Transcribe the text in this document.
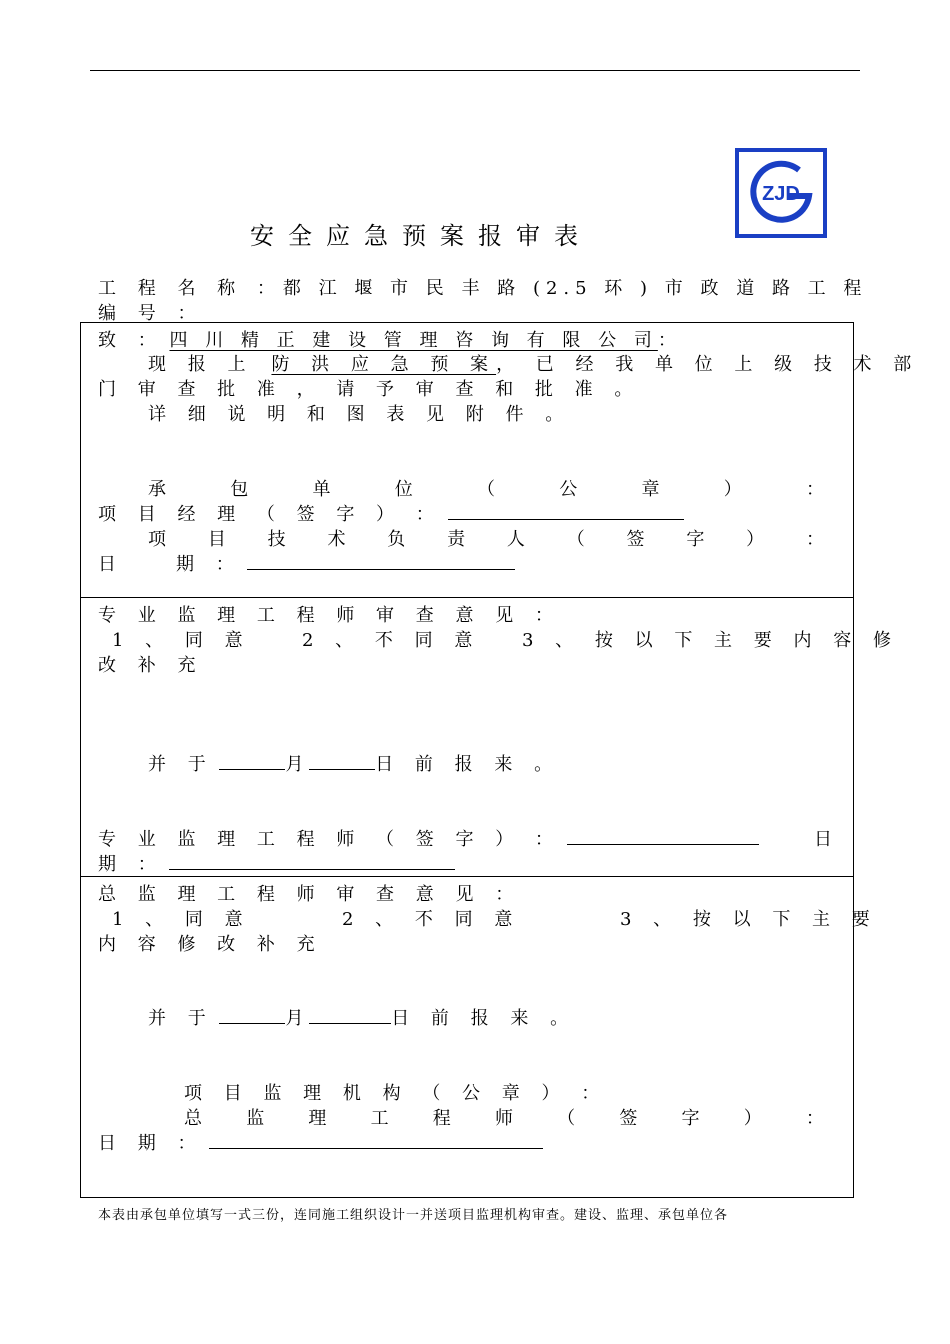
ZJD
安全应急预案报审表
工 程 名 称 ： 都 江 堰 市 民 丰 路 (2.5 环 ) 市 政 道 路 工 程
编 号 ：
致 ： 四 川 精 正 建 设 管 理 咨 询 有 限 公 司：
现 报 上　 防 洪 应 急 预 案 ， 已 经 我 单 位 上 级 技 术 部
门 审 查 批 准 ， 请 予 审 查 和 批 准 。
详 细 说 明 和 图 表 见 附 件 。
承	包	单	位	（	公	章	）	：
项 目 经 理 （ 签 字 ） ：
项 目 技 术 负 责 人 （ 签 字 ） ：
日　　期 ：
专 业 监 理 工 程 师 审 查 意 见 ：
1 、 同 意	2 、 不 同 意 3 、 按 以 下 主 要 内 容 修
改 补 充
并 于	月	日 前 报 来 。
专 业 监 理 工 程 师 （ 签 字 ） ：	日
期 ：
总 监 理 工 程 师 审 查 意 见 ：
1 、 同 意	2 、 不 同 意	3 、 按 以 下 主 要
内 容 修 改 补 充
并 于	月	日 前 报 来 。
项 目 监 理 机 构 （ 公 章 ） ：
总 监 理 工 程 师 （ 签 字 ） ：
日 期 ：
本表由承包单位填写一式三份，连同施工组织设计一并送项目监理机构审查。建设、监理、承包单位各
